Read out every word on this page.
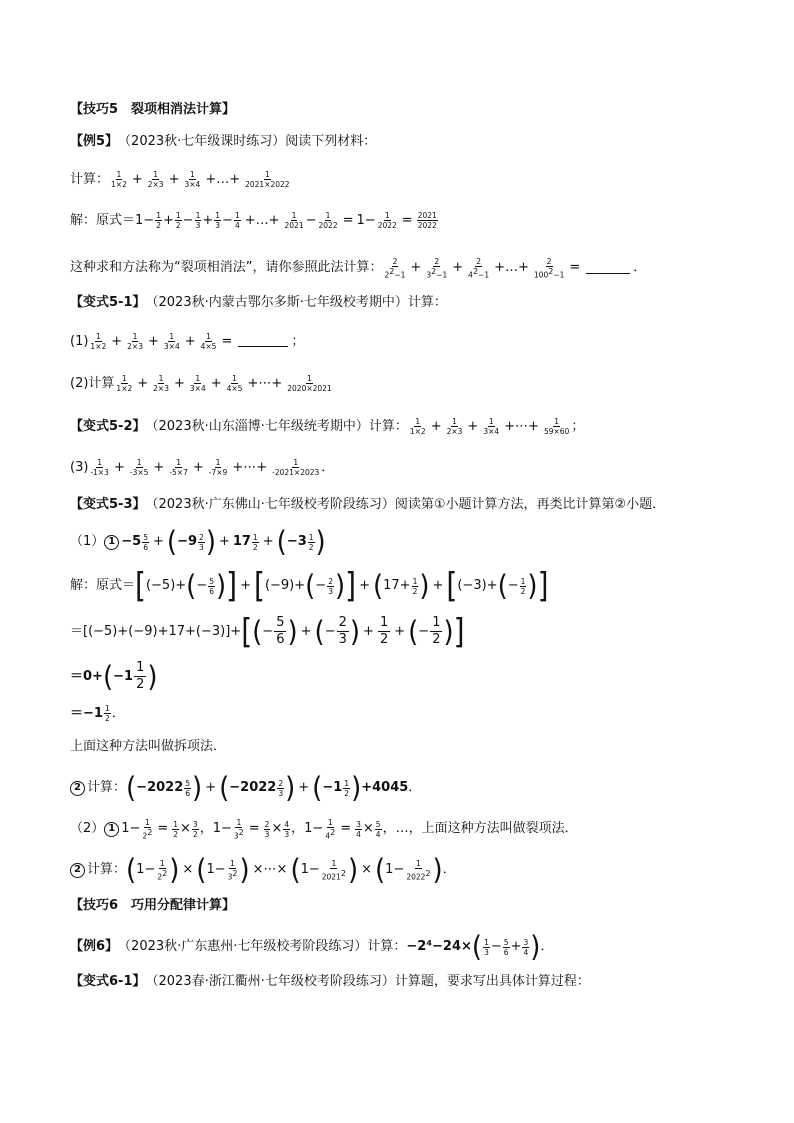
【技巧5　裂项相消法计算】
【例5】 （2023秋·七年级课时练习）阅读下列材料：
计算： $\frac{1}{1\times 2} + \frac{1}{2\times 3} + \frac{1}{3\times 4}$ +…+ $\frac{1}{2021\times 2022}$
解：原式＝ $1- \frac{1}{2} + \frac{1}{2} - \frac{1}{3} + \frac{1}{3} - \frac{1}{4}$ +…+ $\frac{1}{2021} - \frac{1}{2022} = 1- \frac{1}{2022} = \frac{2021}{2022}$
这种求和方法称为“裂项相消法”，请你参照此法计算： $\frac{2}{2^2-1} + \frac{2}{3^2-1} + \frac{2}{4^2-1}$ +…+ $\frac{2}{100^2-1}$ =	．
【变式5-1】 （2023秋·内蒙古鄂尔多斯·七年级校考期中）计算：
$(1) \frac{1}{1\times 2} + \frac{1}{2\times 3} + \frac{1}{3\times 4} + \frac{1}{4\times 5}$ =	；
(2)计算 $\frac{1}{1\times 2} + \frac{1}{2\times 3} + \frac{1}{3\times 4} + \frac{1}{4\times 5}$ +⋯+ $\frac{1}{2020\times 2021}$
【变式5-2】 （2023秋·山东淄博·七年级统考期中）计算： $\frac{1}{1\times 2} + \frac{1}{2\times 3} + \frac{1}{3\times 4}$ +⋯+ $\frac{1}{59\times 60}$ ；
$(3) \frac{1}{-1\times 3} + \frac{1}{-3\times 5} + \frac{1}{-5\times 7} + \frac{1}{-7\times 9}$ +⋯+ $\frac{1}{-2021\times 2023}$ ．
【变式5-3】 （2023秋·广东佛山·七年级校考阶段练习）阅读第①小题计算方法，再类比计算第②小题．
（1） $1 -5 \frac{5}{6}$ + ( $-9 \frac{2}{3}$ ) + $17 \frac{1}{2}$ + ( $-3 \frac{1}{2}$ )
解：原式＝ [ (−5)+ ( − $\frac{5}{6}$ ) ] + [ (−9)+ ( − $\frac{2}{3}$ ) ] + ( $17+ \frac{1}{2}$ ) + [ (−3)+ ( − $\frac{1}{2}$ ) ]
＝[(−5)+(−9)+17+(−3)]+ [ ( − $\frac{5}{6}$ ) + ( − $\frac{2}{3}$ ) + $\frac{1}{2}$ + ( − $\frac{1}{2}$ ) ]
＝0+ ( −1
1
2 )
$=-1 \frac{1}{2}$ ．
上面这种方法叫做拆项法．
2 计算： ( $-2022 \frac{5}{6}$ ) + ( $-2022 \frac{2}{3}$ ) + ( $-1 \frac{1}{2}$ ) +4045 ．
（2） 1 $1- \frac{1}{2^2} = \frac{1}{2} \times \frac{3}{2}$ ， $1- \frac{1}{3^2} = \frac{2}{3} \times \frac{4}{3}$ ， $1- \frac{1}{4^2} = \frac{3}{4} \times \frac{5}{4}$ ，…，上面这种方法叫做裂项法．
2 计算： ( $1- \frac{1}{2^2}$ ) × ( $1- \frac{1}{3^2}$ ) ×⋯× ( $1- \frac{1}{2021^2}$ ) × ( $1- \frac{1}{2022^2}$ ) ．
【技巧6　巧用分配律计算】
【例6】 （2023秋·广东惠州·七年级校考阶段练习）计算： −2⁴−24× ( $\frac{1}{3} - \frac{5}{6} + \frac{3}{4}$ ) ．
【变式6-1】 （2023春·浙江衢州·七年级校考阶段练习）计算题，要求写出具体计算过程：
